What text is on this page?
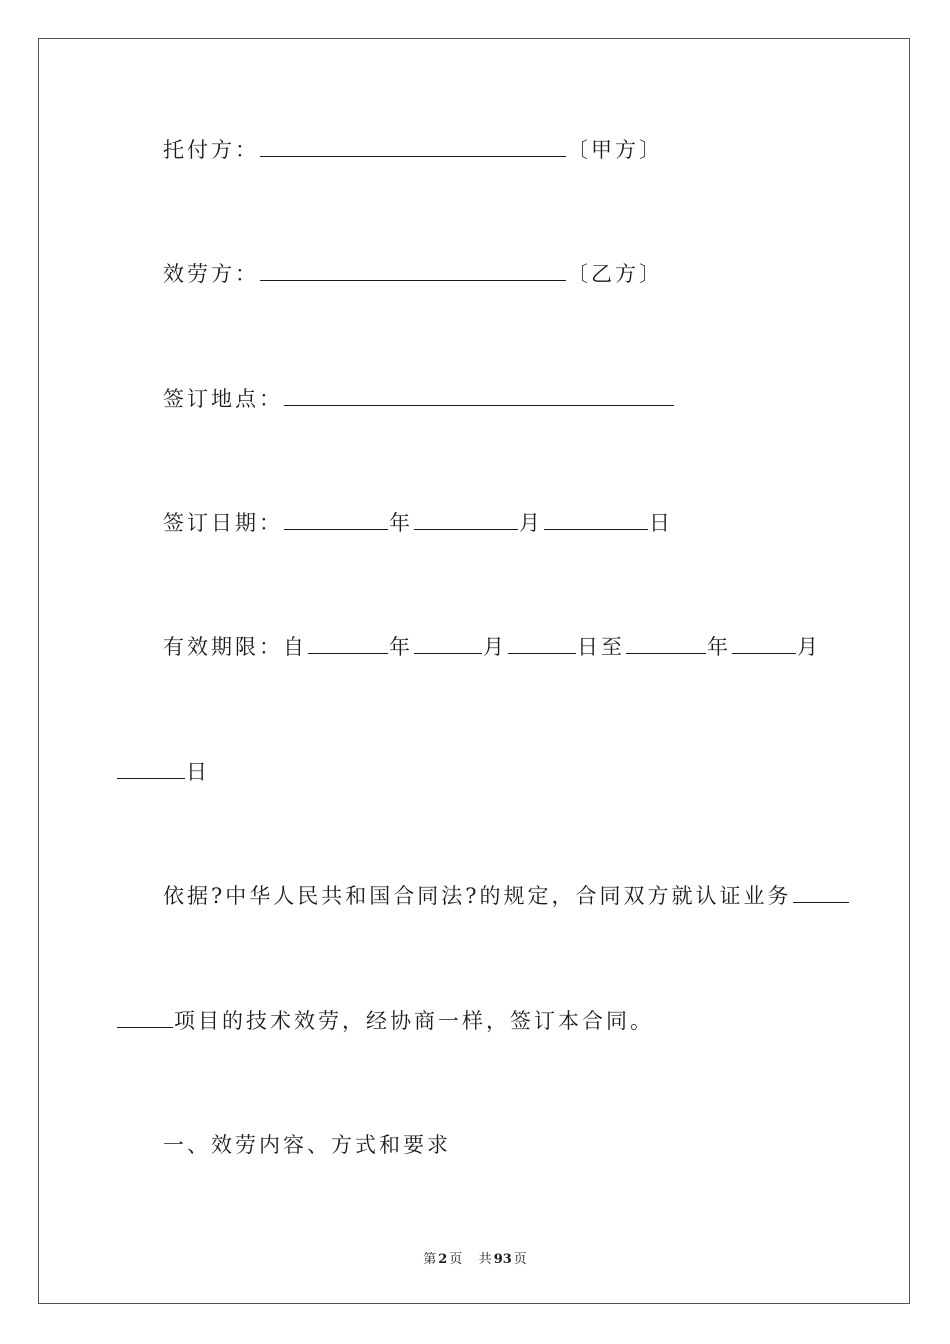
托付方：	〔甲方〕
效劳方：	〔乙方〕
签订地点：
签订日期：	年	月	日
有效期限：自	年	月	日至	年	月
日
依据?中华人民共和国合同法?的规定，合同双方就认证业务
项目的技术效劳，经协商一样，签订本合同。
一、效劳内容、方式和要求
第 2 页 共 93 页
